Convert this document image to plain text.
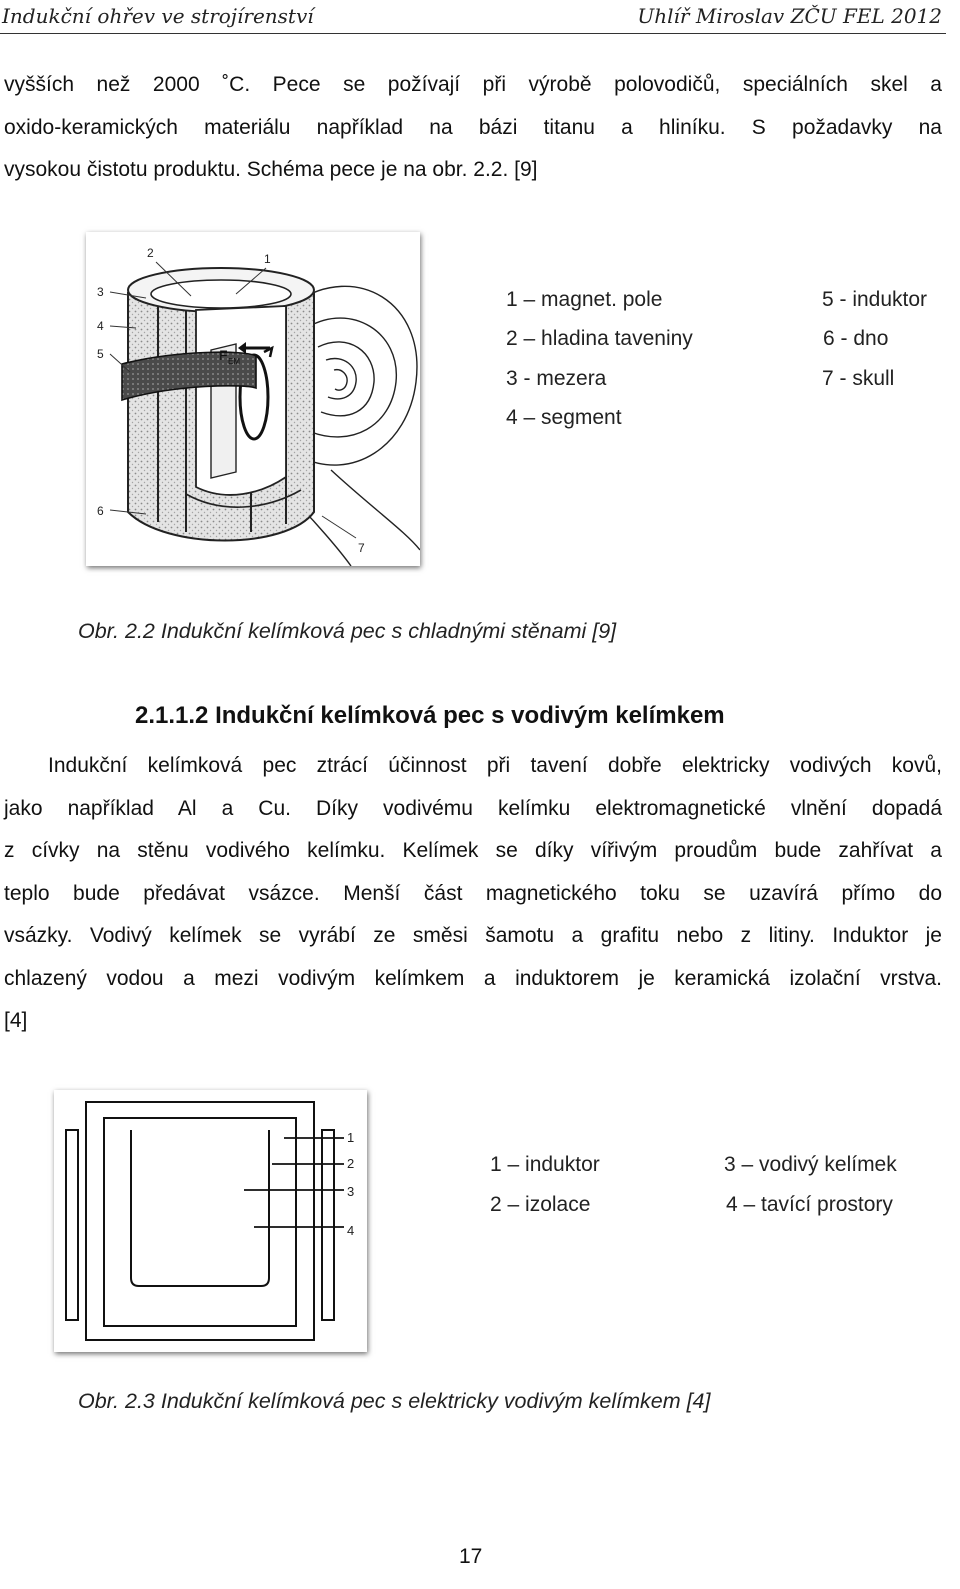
Indukční ohřev ve strojírenství	Uhlíř Miroslav ZČU FEL 2012
vyšších než 2000 ˚C. Pece se požívají při výrobě polovodičů, speciálních skel a
oxido-keramických materiálu například na bázi titanu a hliníku. S požadavky na
vysokou čistotu produktu. Schéma pece je na obr. 2.2. [9]
2	1
3
4
5
6
7
F EM
1 – magnet. pole
2 – hladina taveniny
3 - mezera
4 – segment
5 - induktor
6 - dno
7 - skull
Obr. 2.2 Indukční kelímková pec s chladnými stěnami [9]
2.1.1.2 Indukční kelímková pec s vodivým kelímkem
Indukční kelímková pec ztrácí účinnost při tavení dobře elektricky vodivých kovů,
jako například Al a Cu. Díky vodivému kelímku elektromagnetické vlnění dopadá
z cívky na stěnu vodivého kelímku. Kelímek se díky vířivým proudům bude zahřívat a
teplo bude předávat vsázce. Menší část magnetického toku se uzavírá přímo do
vsázky. Vodivý kelímek se vyrábí ze směsi šamotu a grafitu nebo z litiny. Induktor je
chlazený vodou a mezi vodivým kelímkem a induktorem je keramická izolační vrstva.
[4]
1
2
3
4
1 – induktor
2 – izolace
3 – vodivý kelímek
4 – tavící prostory
Obr. 2.3 Indukční kelímková pec s elektricky vodivým kelímkem [4]
17
